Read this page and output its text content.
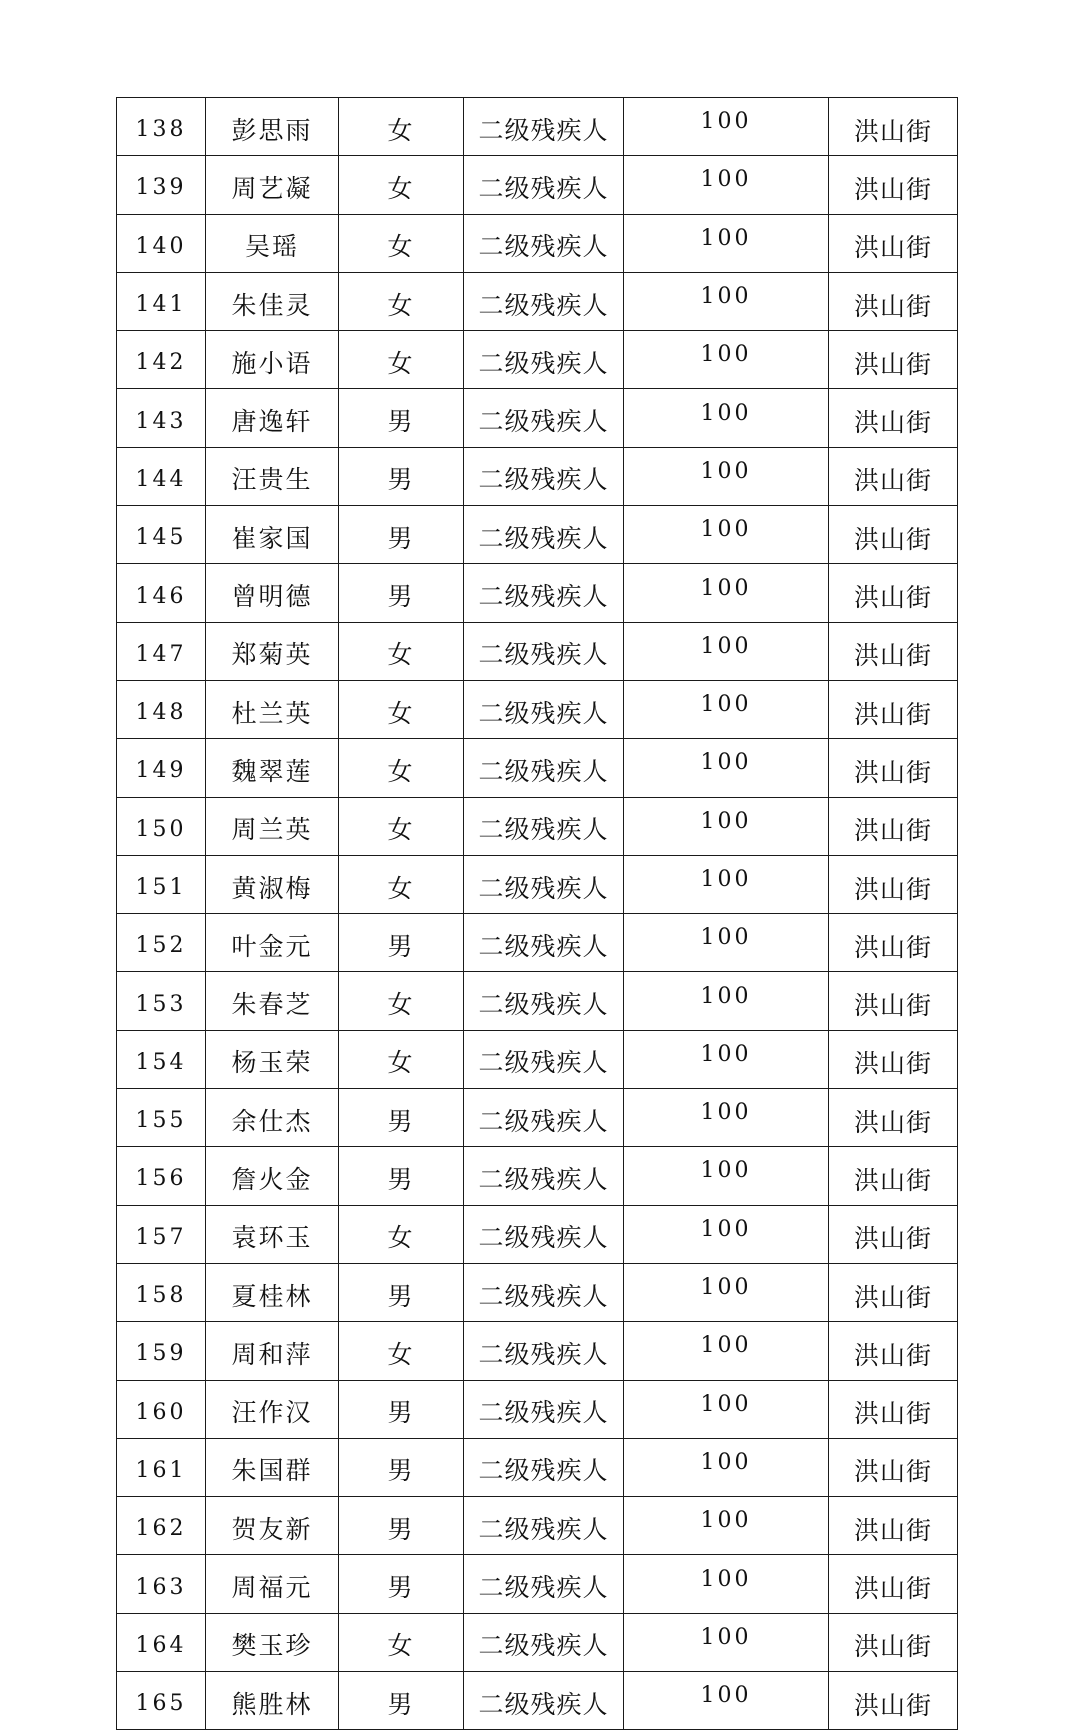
138	彭思雨	女	二级残疾人	100	洪山街
139	周艺凝	女	二级残疾人	100	洪山街
140	吴瑶	女	二级残疾人	100	洪山街
141	朱佳灵	女	二级残疾人	100	洪山街
142	施小语	女	二级残疾人	100	洪山街
143	唐逸轩	男	二级残疾人	100	洪山街
144	汪贵生	男	二级残疾人	100	洪山街
145	崔家国	男	二级残疾人	100	洪山街
146	曾明德	男	二级残疾人	100	洪山街
147	郑菊英	女	二级残疾人	100	洪山街
148	杜兰英	女	二级残疾人	100	洪山街
149	魏翠莲	女	二级残疾人	100	洪山街
150	周兰英	女	二级残疾人	100	洪山街
151	黄淑梅	女	二级残疾人	100	洪山街
152	叶金元	男	二级残疾人	100	洪山街
153	朱春芝	女	二级残疾人	100	洪山街
154	杨玉荣	女	二级残疾人	100	洪山街
155	余仕杰	男	二级残疾人	100	洪山街
156	詹火金	男	二级残疾人	100	洪山街
157	袁环玉	女	二级残疾人	100	洪山街
158	夏桂林	男	二级残疾人	100	洪山街
159	周和萍	女	二级残疾人	100	洪山街
160	汪作汉	男	二级残疾人	100	洪山街
161	朱国群	男	二级残疾人	100	洪山街
162	贺友新	男	二级残疾人	100	洪山街
163	周福元	男	二级残疾人	100	洪山街
164	樊玉珍	女	二级残疾人	100	洪山街
165	熊胜林	男	二级残疾人	100	洪山街
